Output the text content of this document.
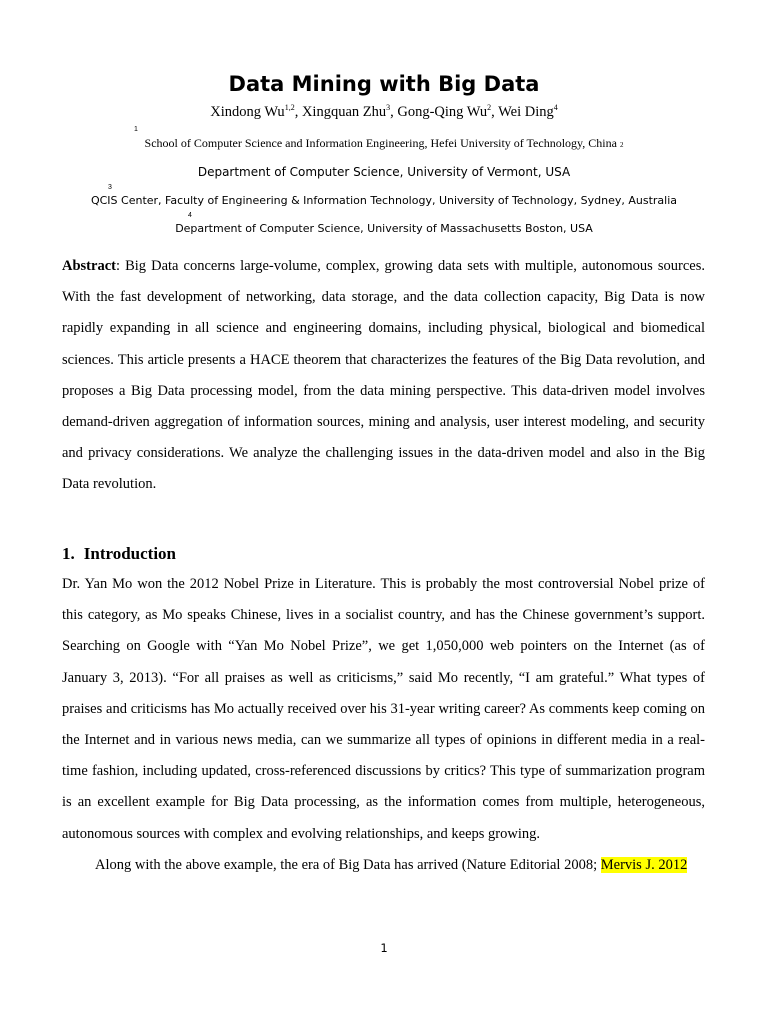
Data Mining with Big Data
Xindong Wu$^{1,2}$, Xingquan Zhu$^3$, Gong-Qing Wu$^2$, Wei Ding$^4$
1
School of Computer Science and Information Engineering, Hefei University of Technology, China 2
Department of Computer Science, University of Vermont, USA
3
QCIS Center, Faculty of Engineering & Information Technology, University of Technology, Sydney, Australia
4
Department of Computer Science, University of Massachusetts Boston, USA

Abstract: Big Data concerns large-volume, complex, growing data sets with multiple, autonomous sources. With the fast development of networking, data storage, and the data collection capacity, Big Data is now rapidly expanding in all science and engineering domains, including physical, biological and biomedical sciences. This article presents a HACE theorem that characterizes the features of the Big Data revolution, and proposes a Big Data processing model, from the data mining perspective. This data-driven model involves demand-driven aggregation of information sources, mining and analysis, user interest modeling, and security and privacy considerations. We analyze the challenging issues in the data-driven model and also in the Big Data revolution.

1. Introduction

Dr. Yan Mo won the 2012 Nobel Prize in Literature. This is probably the most controversial Nobel prize of this category, as Mo speaks Chinese, lives in a socialist country, and has the Chinese government’s support. Searching on Google with “Yan Mo Nobel Prize”, we get 1,050,000 web pointers on the Internet (as of January 3, 2013). “For all praises as well as criticisms,” said Mo recently, “I am grateful.” What types of praises and criticisms has Mo actually received over his 31-year writing career? As comments keep coming on the Internet and in various news media, can we summarize all types of opinions in different media in a real-time fashion, including updated, cross-referenced discussions by critics? This type of summarization program is an excellent example for Big Data processing, as the information comes from multiple, heterogeneous, autonomous sources with complex and evolving relationships, and keeps growing.

Along with the above example, the era of Big Data has arrived (Nature Editorial 2008; Mervis J. 2012

1
